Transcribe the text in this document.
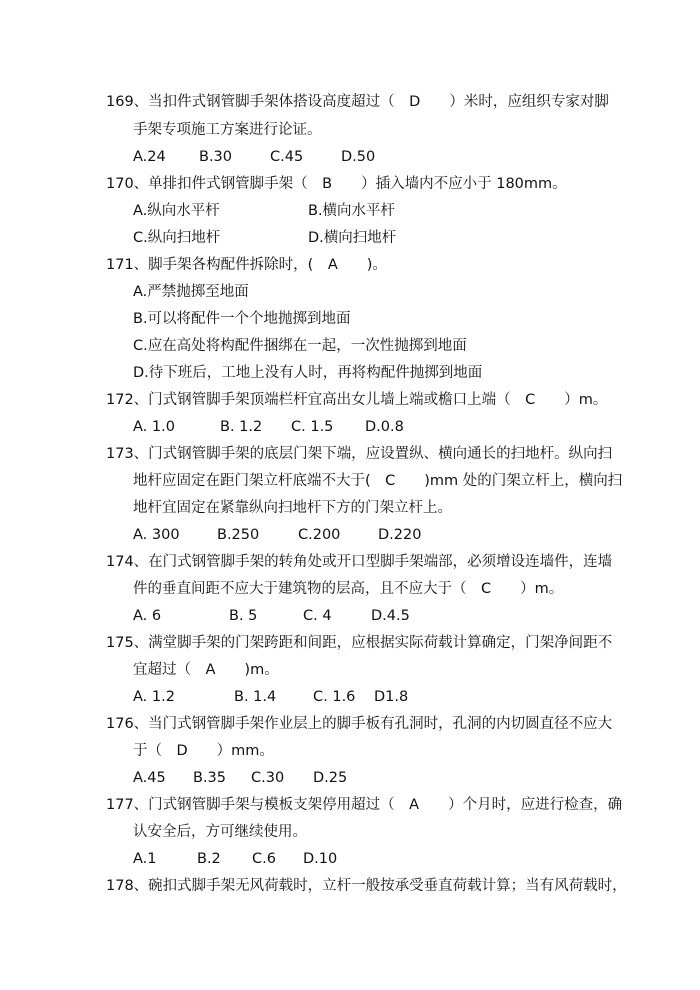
169、当扣件式钢管脚手架体搭设高度超过（　D　　）米时，应组织专家对脚
手架专项施工方案进行论证。
A.24 B.30	C.45	D.50
170、单排扣件式钢管脚手架（　B　　）插入墙内不应小于 180mm。
A.纵向水平杆	B.横向水平杆
C.纵向扫地杆	D.横向扫地杆
171、脚手架各构配件拆除时，(　A　　)。
A.严禁抛掷至地面
B.可以将配件一个个地抛掷到地面
C.应在高处将构配件捆绑在一起，一次性抛掷到地面
D.待下班后，工地上没有人时，再将构配件抛掷到地面
172、门式钢管脚手架顶端栏杆宜高出女儿墙上端或檐口上端（　C　　）m。
A. 1.0	B. 1.2 C. 1.5 D.0.8
173、门式钢管脚手架的底层门架下端，应设置纵、横向通长的扫地杆。纵向扫
地杆应固定在距门架立杆底端不大于(　C　　)mm 处的门架立杆上，横向扫
地杆宜固定在紧靠纵向扫地杆下方的门架立杆上。
A. 300	B.250	C.200	D.220
174、在门式钢管脚手架的转角处或开口型脚手架端部，必须增设连墙件，连墙
件的垂直间距不应大于建筑物的层高，且不应大于（　C　　）m。
A. 6	B. 5	C. 4	D.4.5
175、满堂脚手架的门架跨距和间距，应根据实际荷载计算确定，门架净间距不
宜超过（　A　　)m。
A. 1.2	B. 1.4	C. 1.6 D1.8
176、当门式钢管脚手架作业层上的脚手板有孔洞时，孔洞的内切圆直径不应大
于（　D　　）mm。
A.45 B.35 C.30 D.25
177、门式钢管脚手架与模板支架停用超过（　A　　）个月时，应进行检查，确
认安全后，方可继续使用。
A.1	B.2 C.6 D.10
178、碗扣式脚手架无风荷载时，立杆一般按承受垂直荷载计算；当有风荷载时，
